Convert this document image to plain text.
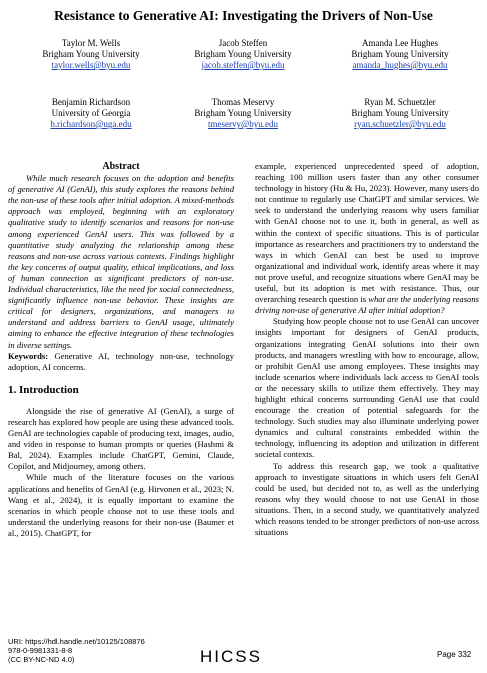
Resistance to Generative AI: Investigating the Drivers of Non-Use
Taylor M. Wells
Brigham Young University
taylor.wells@byu.edu
Jacob Steffen
Brigham Young University
jacob.steffen@byu.edu
Amanda Lee Hughes
Brigham Young University
amanda_hughes@byu.edu
Benjamin Richardson
University of Georgia
b.richardson@uga.edu
Thomas Meservy
Brigham Young University
tmeservy@byu.edu
Ryan M. Schuetzler
Brigham Young University
ryan.schuetzler@byu.edu
Abstract

While much research focuses on the adoption and benefits of generative AI (GenAI), this study explores the reasons behind the non-use of these tools after initial adoption. A mixed-methods approach was employed, beginning with an exploratory qualitative study to identify scenarios and reasons for non-use among experienced GenAI users. This was followed by a quantitative study analyzing the relationship among these reasons and non-use across various contexts. Findings highlight the key concerns of output quality, ethical implications, and loss of human connection as significant predictors of non-use. Individual characteristics, like the need for social connectedness, significantly influence non-use behavior. These insights are critical for designers, organizations, and managers to understand and address barriers to GenAI usage, ultimately aiming to enhance the effective integration of these technologies in diverse settings.

Keywords: Generative AI, technology non-use, technology adoption, AI concerns.

1. Introduction

Alongside the rise of generative AI (GenAI), a surge of research has explored how people are using these advanced tools. GenAI are technologies capable of producing text, images, audio, and video in response to human prompts or queries (Hashmi & Bal, 2024). Examples include ChatGPT, Gemini, Claude, Copilot, and Midjourney, among others.

While much of the literature focuses on the various applications and benefits of GenAI (e.g. Hirvonen et al., 2023; N. Wang et al., 2024), it is equally important to examine the scenarios in which people choose not to use these tools and understand the underlying reasons for their non-use (Baumer et al., 2015). ChatGPT, for

example, experienced unprecedented speed of adoption, reaching 100 million users faster than any other consumer technology in history (Hu & Hu, 2023). However, many users do not continue to regularly use ChatGPT and similar services. We seek to understand the underlying reasons why users familiar with GenAI choose not to use it, both in general, as well as within the context of specific situations. This is of particular importance as researchers and practitioners try to understand the ways in which GenAI can best be used to improve organizational and individual work, identify areas where it may not prove useful, and recognize situations where GenAI may be useful, but its adoption is met with resistance. Thus, our overarching research question is what are the underlying reasons driving non-use of generative AI after initial adoption?

Studying how people choose not to use GenAI can uncover insights important for designers of GenAI products, organizations integrating GenAI solutions into their own products, and managers wrestling with how to encourage, allow, or prohibit GenAI use among employees. These insights may include scenarios where individuals lack access to GenAI tools or the necessary skills to utilize them effectively. They may highlight ethical concerns surrounding GenAI use that could encourage the creation of potential safeguards for the technology. Such studies may also illuminate underlying power dynamics and cultural constraints embedded within the technology, influencing its adoption and utilization in different societal contexts.

To address this research gap, we took a qualitative approach to investigate situations in which users felt GenAI could be used, but decided not to, as well as the underlying reasons why they would choose to not use GenAI in those situations. Then, in a second study, we quantitatively analyzed which reasons tended to be stronger predictors of non-use across situations

URI: https://hdl.handle.net/10125/108876
978-0-9981331-8-8
(CC BY-NC-ND 4.0)	HICSS	Page 332
